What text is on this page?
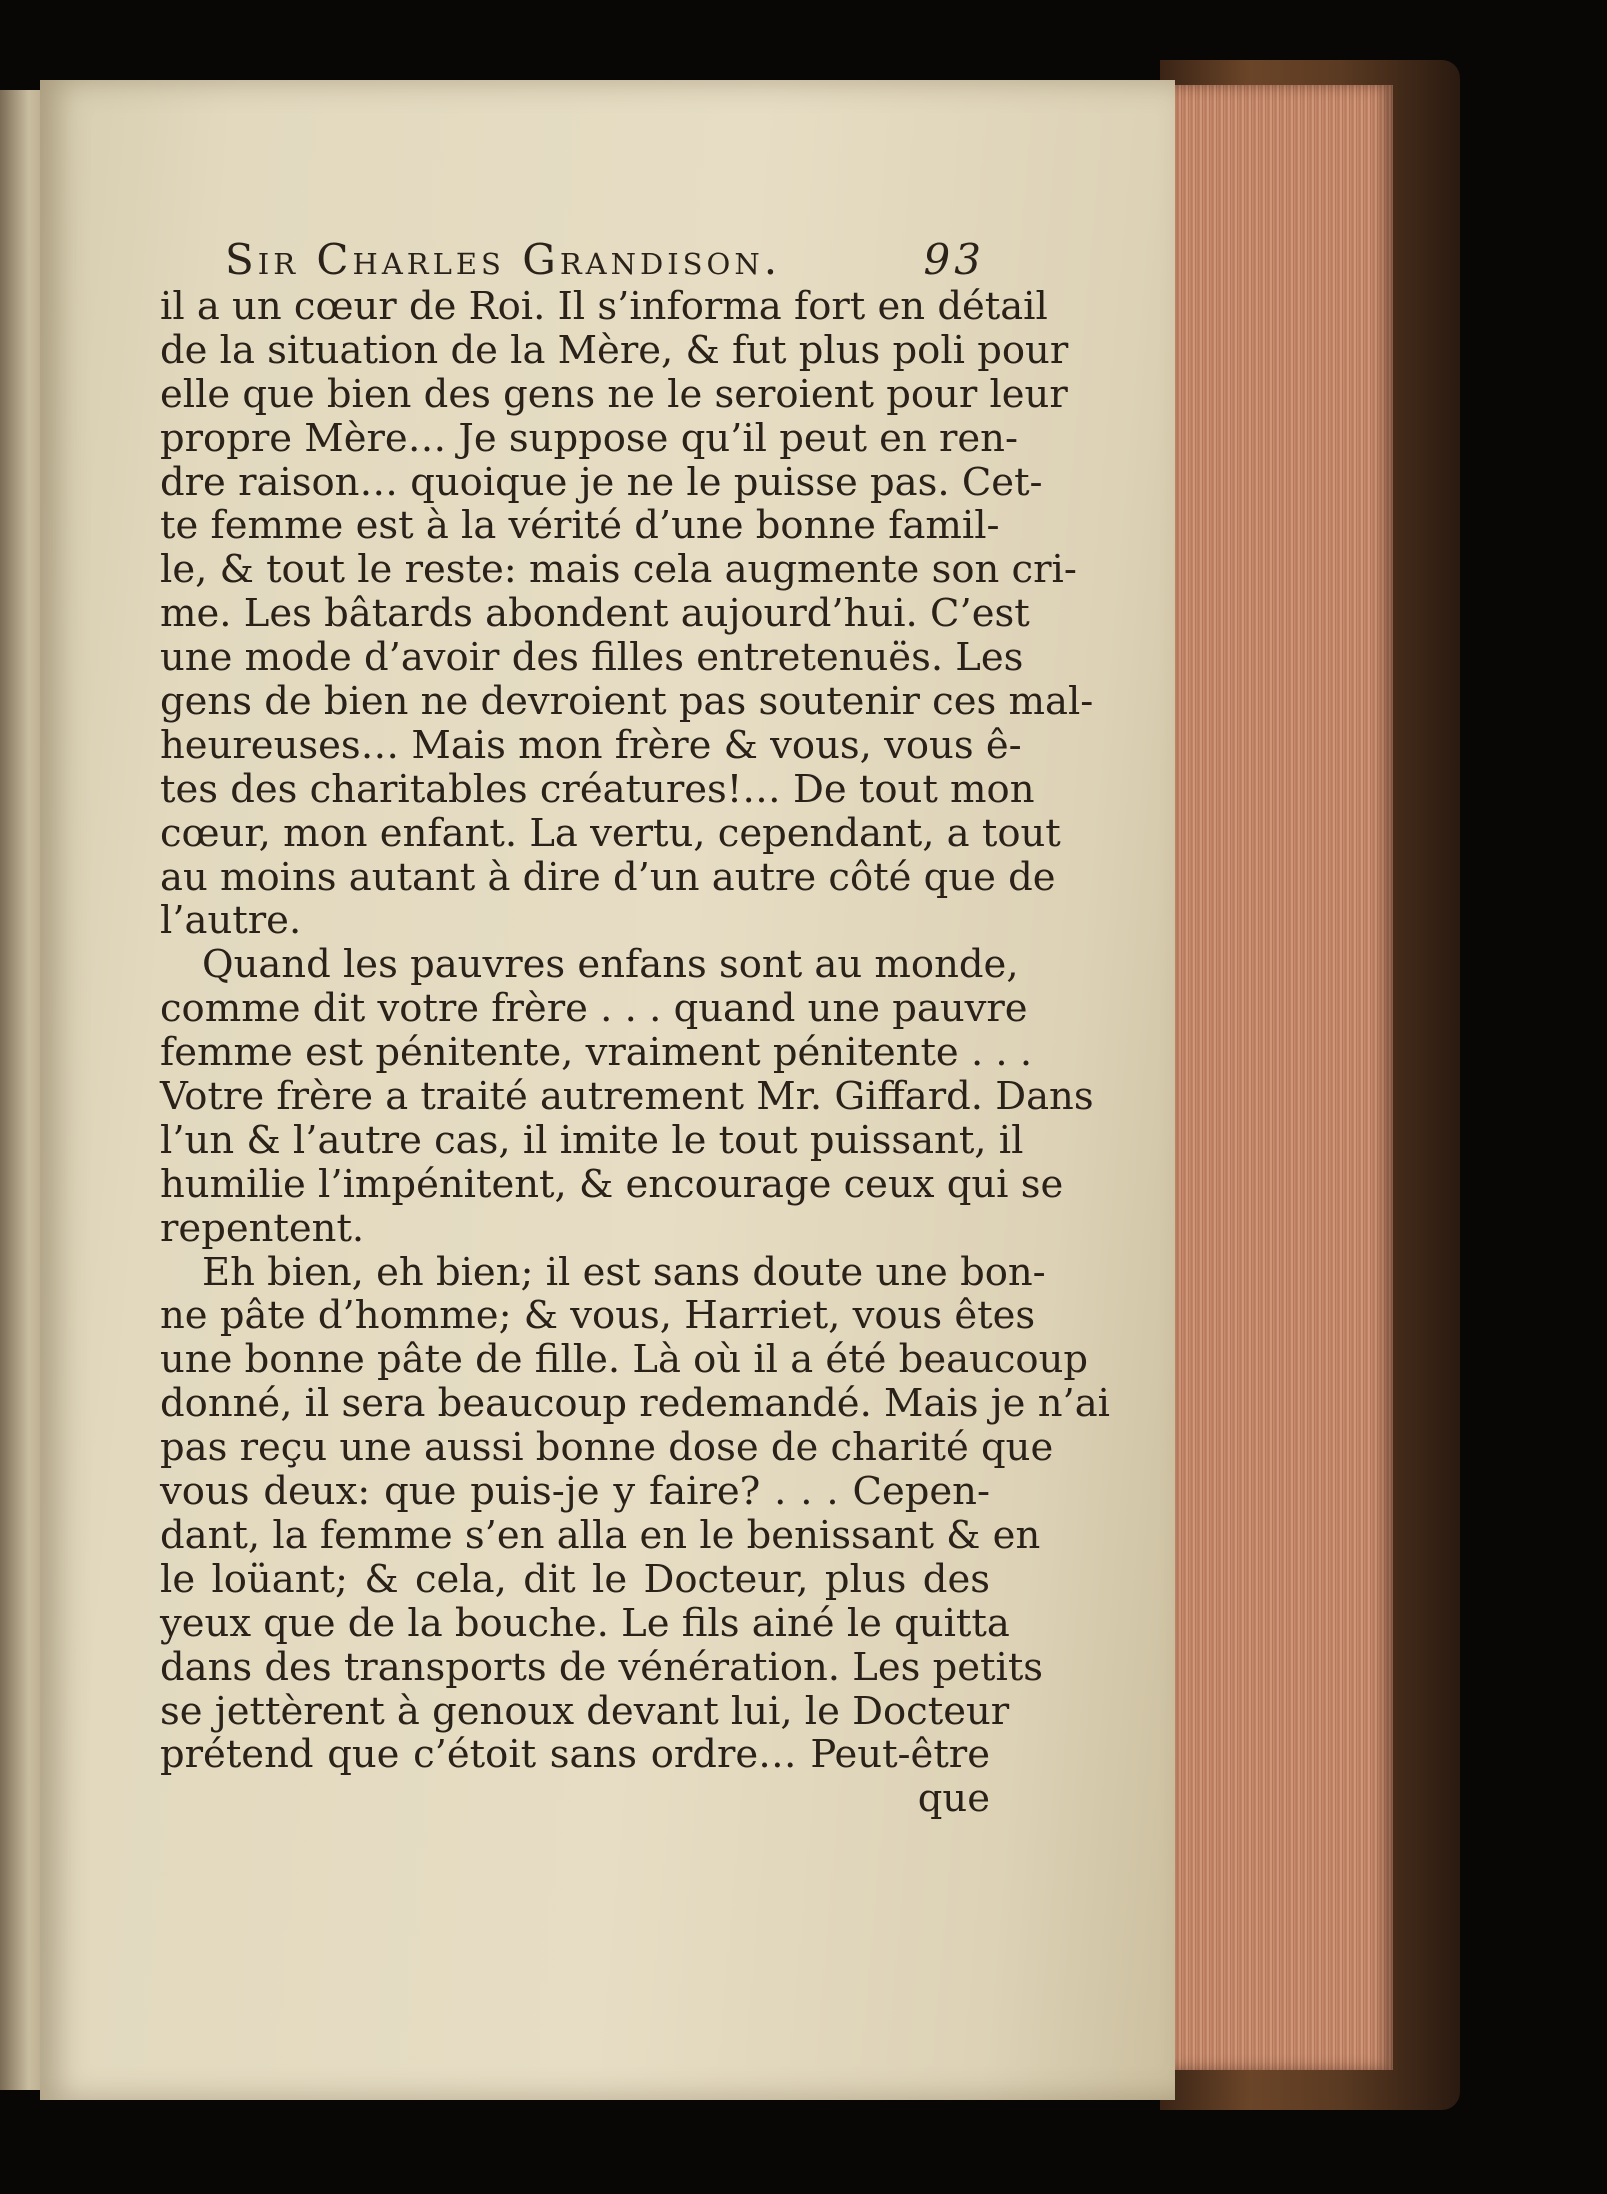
Sir Charles Grandison.	93
il a un cœur de Roi. Il s’informa fort en détail
de la situation de la Mère, & fut plus poli pour
elle que bien des gens ne le seroient pour leur
propre Mère… Je suppose qu’il peut en ren-
dre raison… quoique je ne le puisse pas. Cet-
te femme est à la vérité d’une bonne famil-
le, & tout le reste: mais cela augmente son cri-
me. Les bâtards abondent aujourd’hui. C’est
une mode d’avoir des filles entretenuës. Les
gens de bien ne devroient pas soutenir ces mal-
heureuses… Mais mon frère & vous, vous ê-
tes des charitables créatures!… De tout mon
cœur, mon enfant. La vertu, cependant, a tout
au moins autant à dire d’un autre côté que de
l’autre.
Quand les pauvres enfans sont au monde,
comme dit votre frère . . . quand une pauvre
femme est pénitente, vraiment pénitente . . .
Votre frère a traité autrement Mr. Giffard. Dans
l’un & l’autre cas, il imite le tout puissant, il
humilie l’impénitent, & encourage ceux qui se
repentent.
Eh bien, eh bien; il est sans doute une bon-
ne pâte d’homme; & vous, Harriet, vous êtes
une bonne pâte de fille. Là où il a été beaucoup
donné, il sera beaucoup redemandé. Mais je n’ai
pas reçu une aussi bonne dose de charité que
vous deux: que puis-je y faire? . . . Cepen-
dant, la femme s’en alla en le benissant & en
le loüant; & cela, dit le Docteur, plus des
yeux que de la bouche. Le fils ainé le quitta
dans des transports de vénération. Les petits
se jettèrent à genoux devant lui, le Docteur
prétend que c’étoit sans ordre… Peut-être
que
